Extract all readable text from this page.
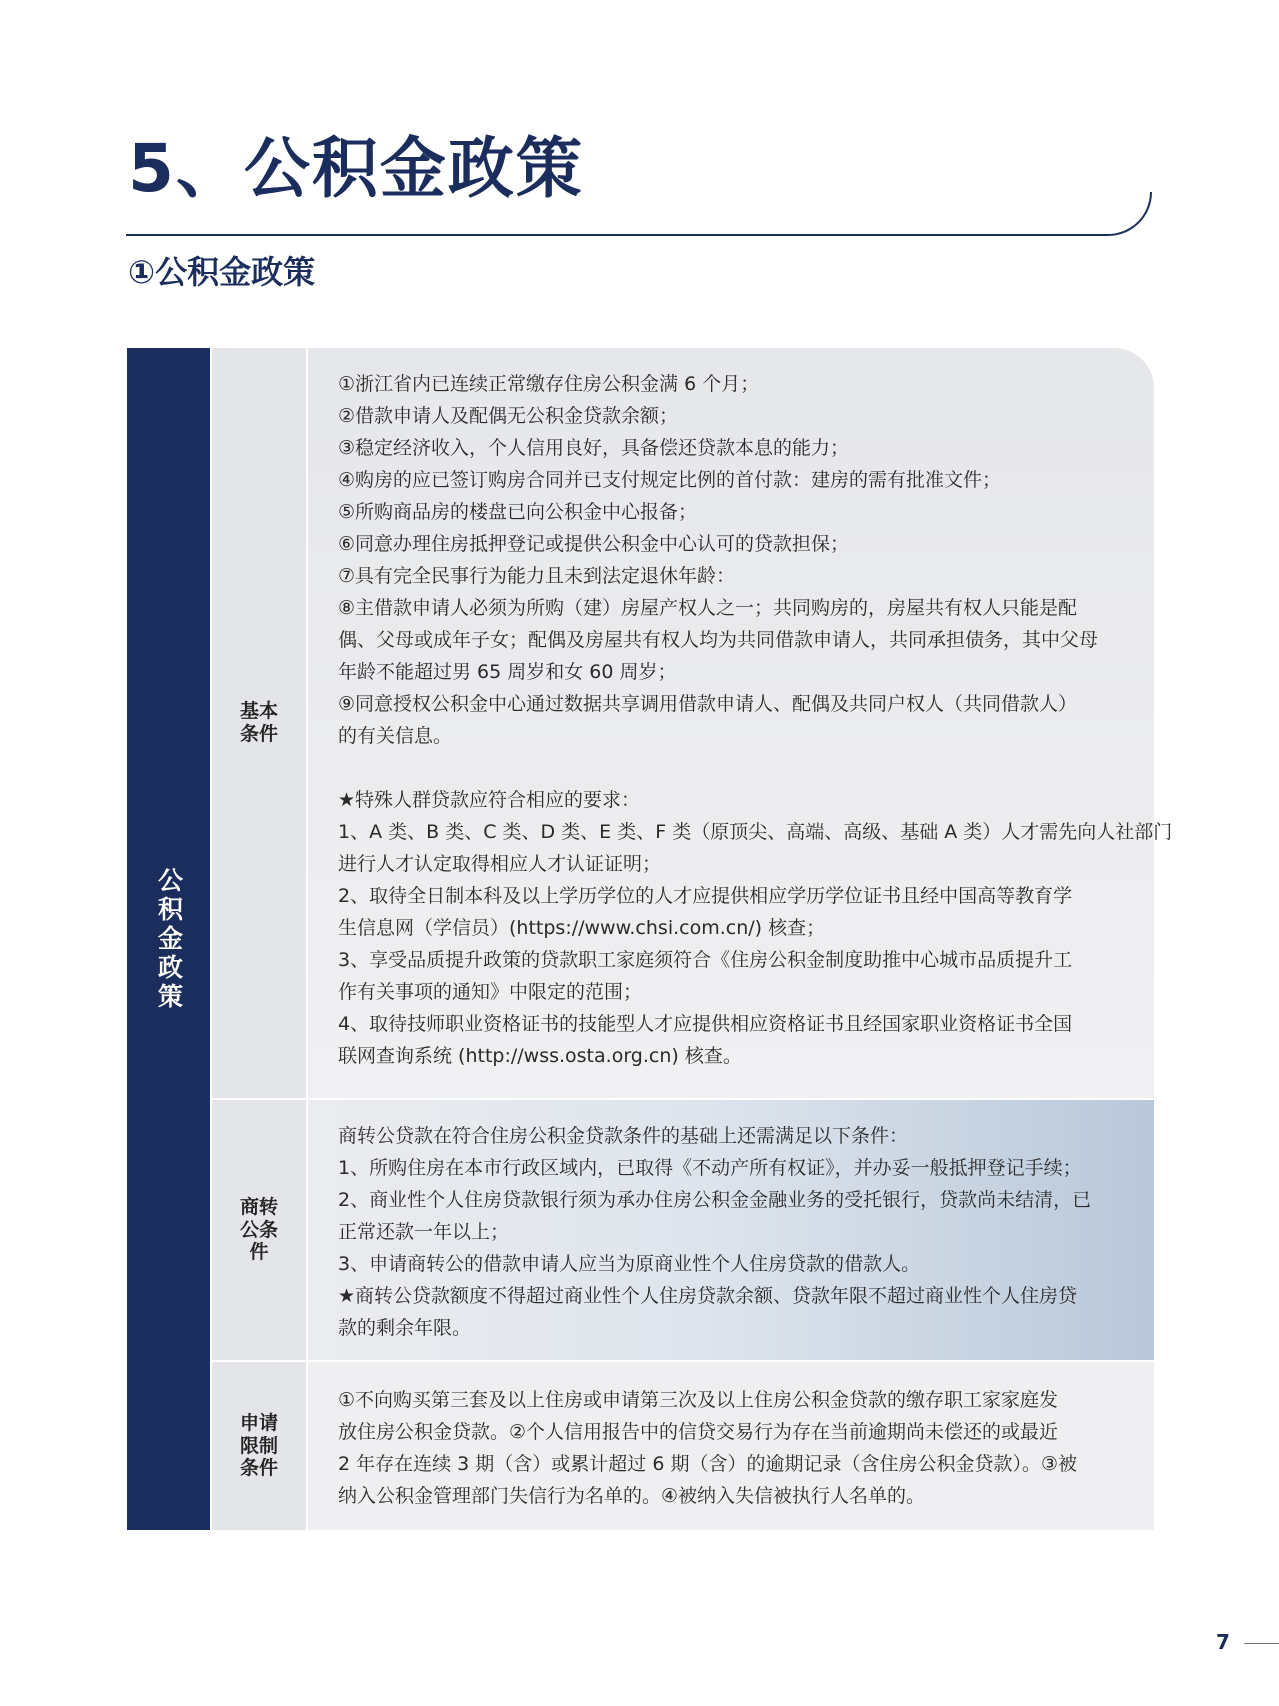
5、公积金政策
①公积金政策
公积金政策
基本条件
①浙江省内已连续正常缴存住房公积金满 6 个月；
②借款申请人及配偶无公积金贷款余额；
③稳定经济收入，个人信用良好，具备偿还贷款本息的能力；
④购房的应已签订购房合同并已支付规定比例的首付款：建房的需有批准文件；
⑤所购商品房的楼盘已向公积金中心报备；
⑥同意办理住房抵押登记或提供公积金中心认可的贷款担保；
⑦具有完全民事行为能力且未到法定退休年龄：
⑧主借款申请人必须为所购（建）房屋产权人之一；共同购房的，房屋共有权人只能是配
偶、父母或成年子女；配偶及房屋共有权人均为共同借款申请人，共同承担债务，其中父母
年龄不能超过男 65 周岁和女 60 周岁；
⑨同意授权公积金中心通过数据共享调用借款申请人、配偶及共同户权人（共同借款人）
的有关信息。
★特殊人群贷款应符合相应的要求：
1、A 类、B 类、C 类、D 类、E 类、F 类（原顶尖、高端、高级、基础 A 类）人才需先向人社部门
进行人才认定取得相应人才认证证明；
2、取待全日制本科及以上学历学位的人才应提供相应学历学位证书且经中国高等教育学
生信息网（学信员）(https://www.chsi.com.cn/) 核查；
3、享受品质提升政策的贷款职工家庭须符合《住房公积金制度助推中心城市品质提升工
作有关事项的通知》中限定的范围；
4、取待技师职业资格证书的技能型人才应提供相应资格证书且经国家职业资格证书全国
联网查询系统 (http://wss.osta.org.cn) 核查。
商转公条件
商转公贷款在符合住房公积金贷款条件的基础上还需满足以下条件：
1、所购住房在本市行政区域内，已取得《不动产所有权证》，并办妥一般抵押登记手续；
2、商业性个人住房贷款银行须为承办住房公积金金融业务的受托银行，贷款尚未结清，已
正常还款一年以上；
3、申请商转公的借款申请人应当为原商业性个人住房贷款的借款人。
★商转公贷款额度不得超过商业性个人住房贷款余额、贷款年限不超过商业性个人住房贷
款的剩余年限。
申请限制条件
①不向购买第三套及以上住房或申请第三次及以上住房公积金贷款的缴存职工家家庭发
放住房公积金贷款。②个人信用报告中的信贷交易行为存在当前逾期尚未偿还的或最近
2 年存在连续 3 期（含）或累计超过 6 期（含）的逾期记录（含住房公积金贷款）。③被
纳入公积金管理部门失信行为名单的。④被纳入失信被执行人名单的。
7
